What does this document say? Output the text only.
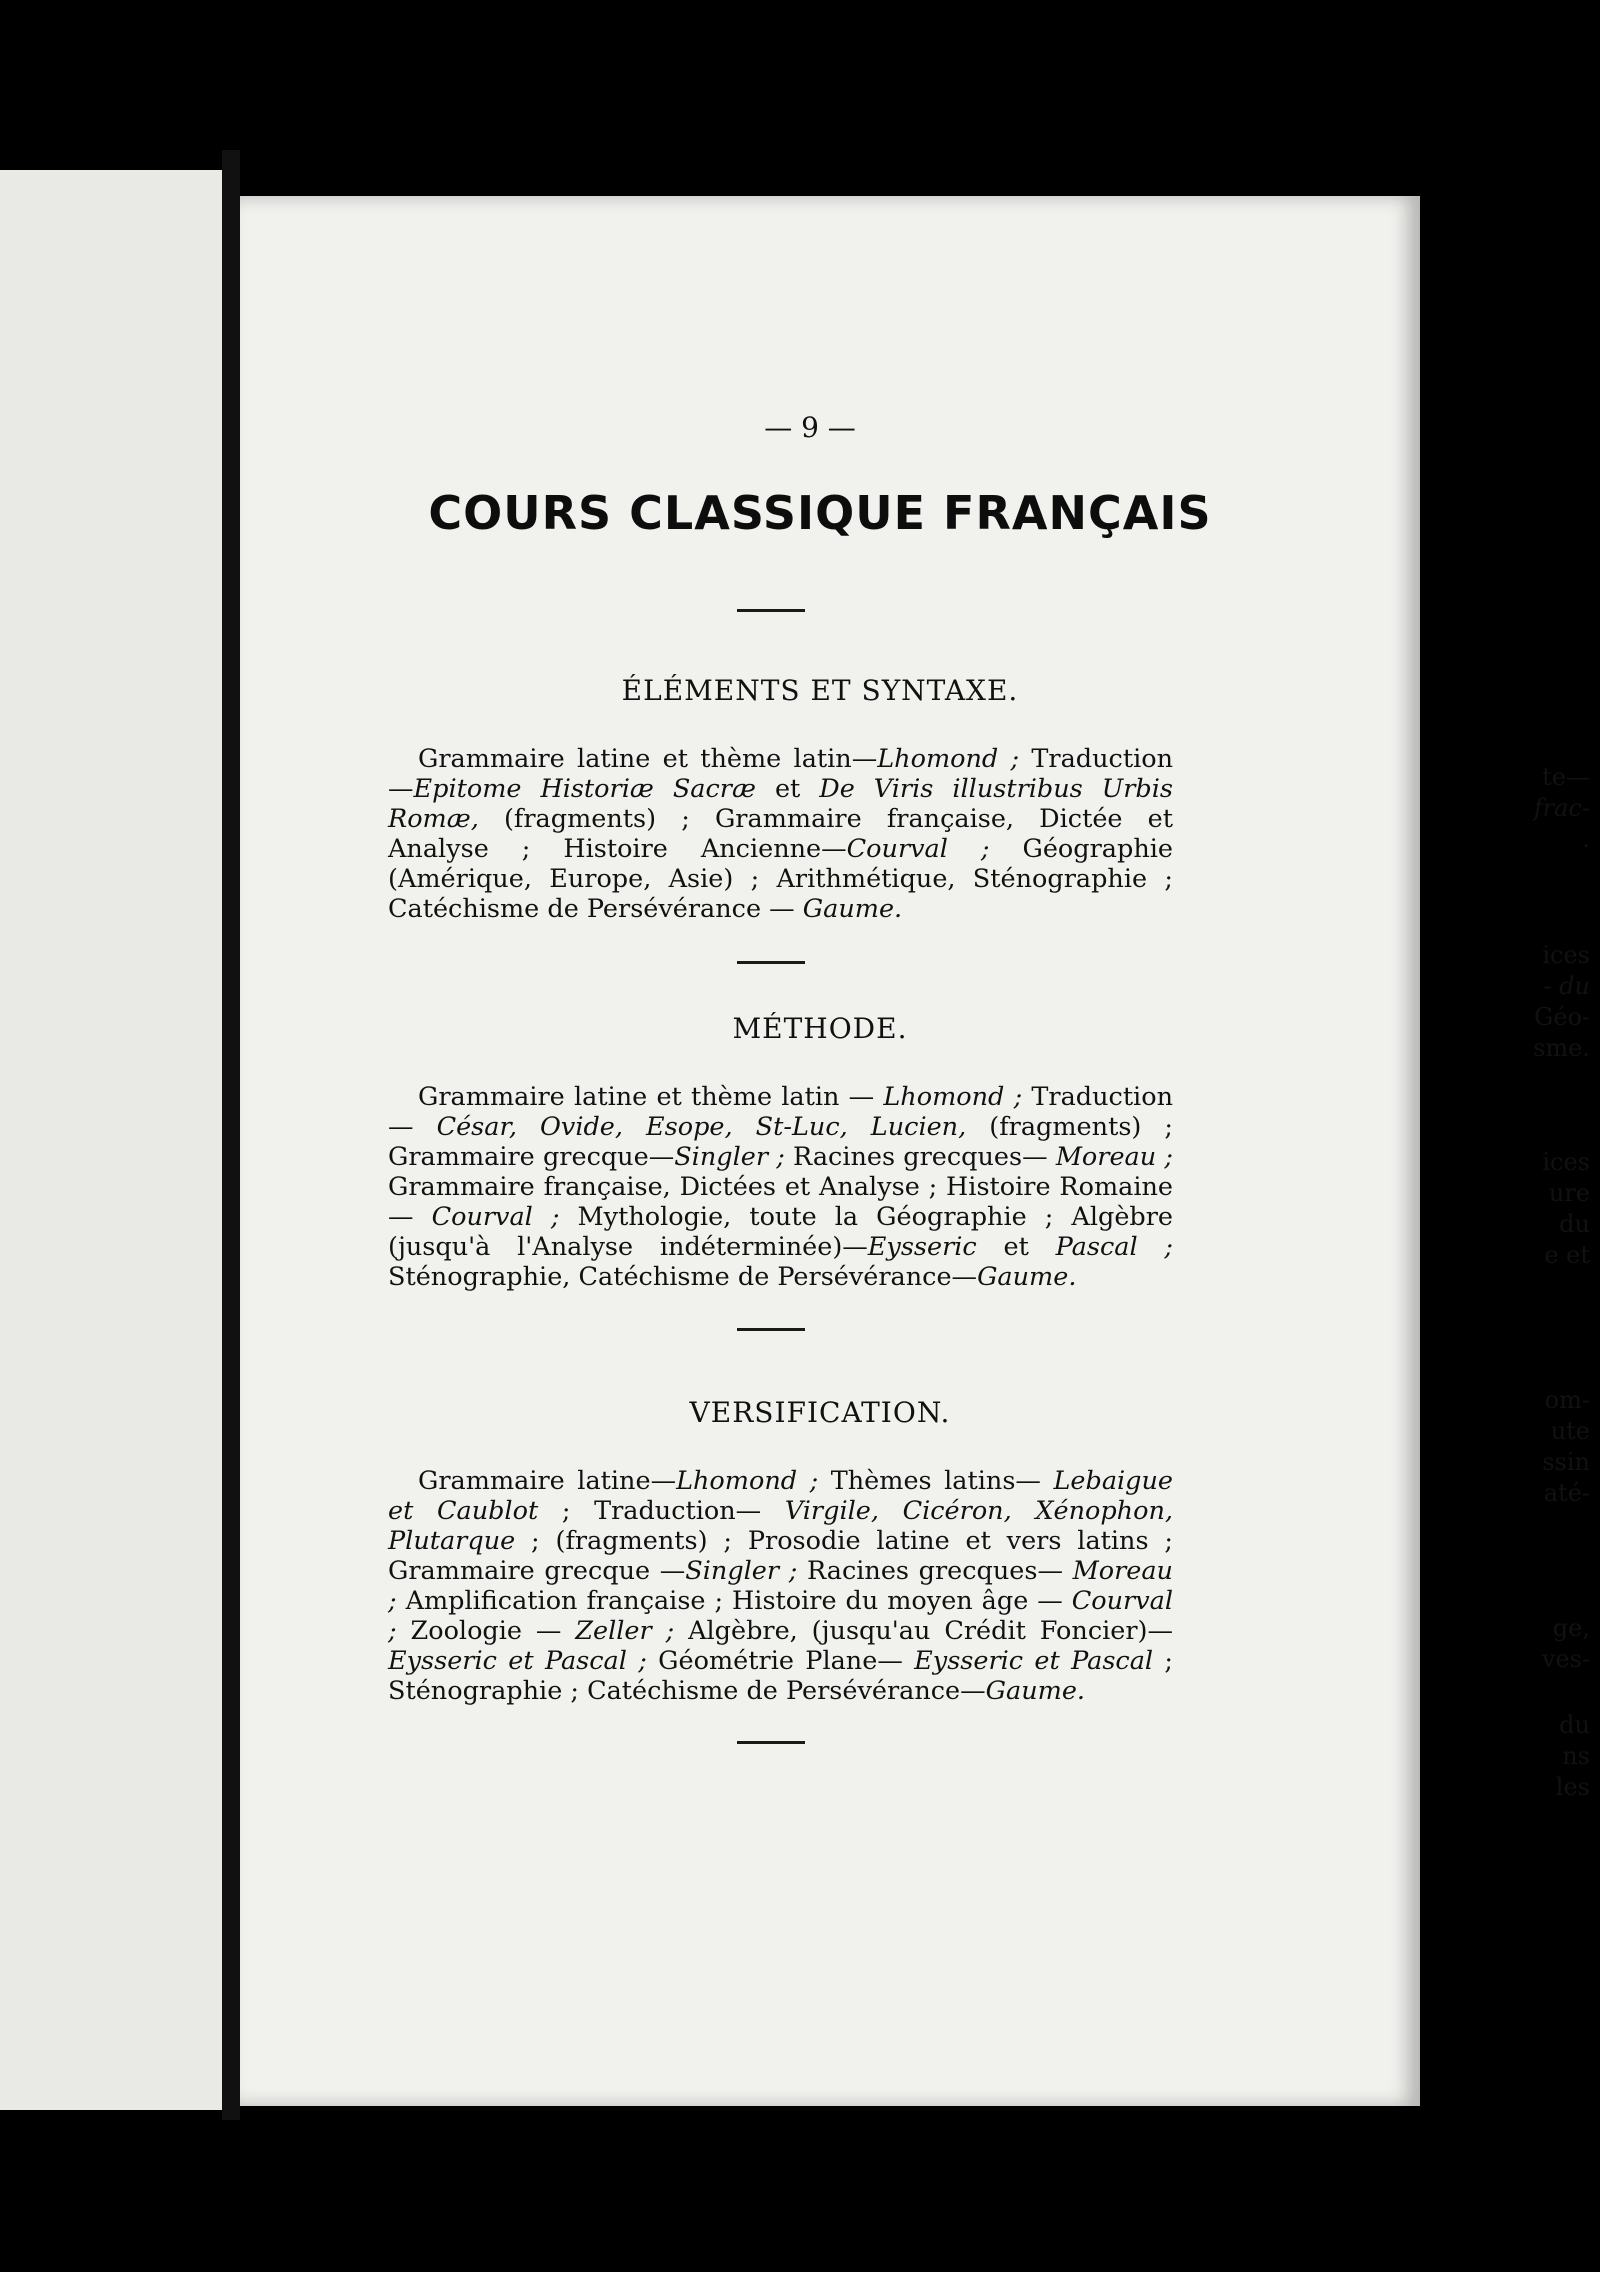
— 9 —
COURS CLASSIQUE FRANÇAIS
ÉLÉMENTS ET SYNTAXE.
Grammaire latine et thème latin—Lhomond ; Traduction—Epitome Historiæ Sacræ et De Viris illustribus Urbis Romæ, (fragments) ; Grammaire française, Dictée et Analyse ; Histoire Ancienne—Courval ; Géographie (Amérique, Europe, Asie) ; Arithmétique, Sténographie ; Catéchisme de Persévérance — Gaume.
MÉTHODE.
Grammaire latine et thème latin — Lhomond ; Traduction— César, Ovide, Esope, St-Luc, Lucien, (fragments) ; Grammaire grecque—Singler ; Racines grecques— Moreau ; Grammaire française, Dictées et Analyse ; Histoire Romaine — Courval ; Mythologie, toute la Géographie ; Algèbre (jusqu'à l'Analyse indéterminée)—Eysseric et Pascal ; Sténographie, Catéchisme de Persévérance—Gaume.
VERSIFICATION.
Grammaire latine—Lhomond ; Thèmes latins— Lebaigue et Caublot ; Traduction— Virgile, Cicéron, Xénophon, Plutarque ; (fragments) ; Prosodie latine et vers latins ; Grammaire grecque —Singler ; Racines grecques— Moreau ; Amplification française ; Histoire du moyen âge — Courval ; Zoologie — Zeller ; Algèbre, (jusqu'au Crédit Foncier)—Eysseric et Pascal ; Géométrie Plane— Eysseric et Pascal ; Sténographie ; Catéchisme de Persévérance—Gaume.
te—
frac-
.
ices
- du
Géo-
sme.
ices
ure
du
e et
om-
ute
ssin
até-
ge,
ves-
du
ns
les
